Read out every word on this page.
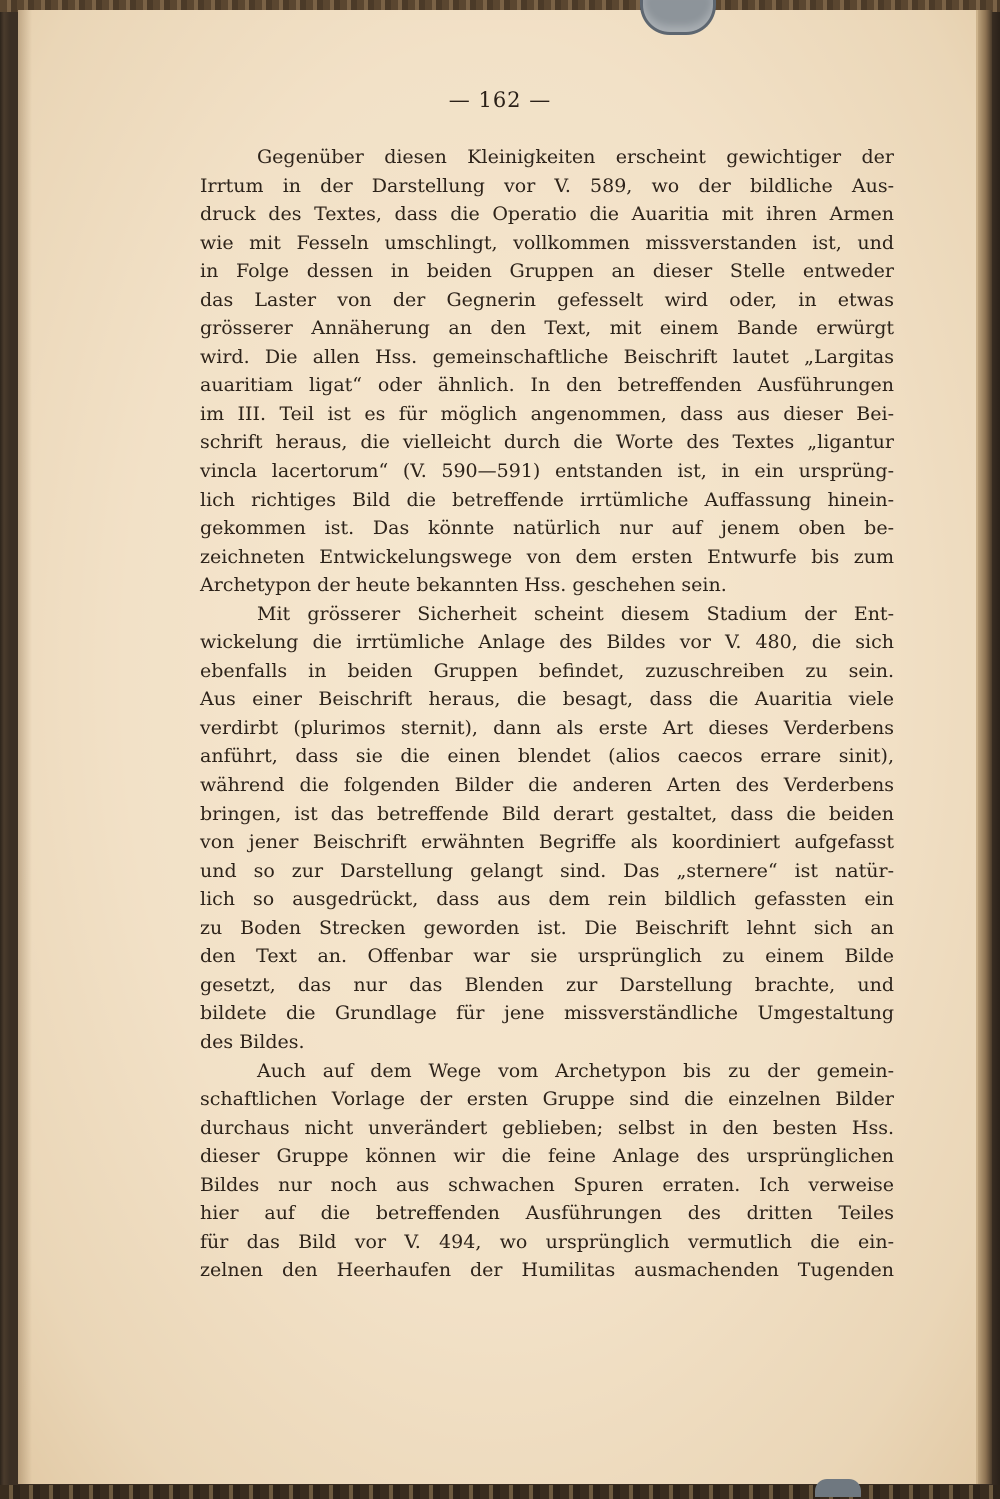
— 162 —
Gegenüber diesen Kleinigkeiten erscheint gewichtiger der
Irrtum in der Darstellung vor V. 589, wo der bildliche Aus-
druck des Textes, dass die Operatio die Auaritia mit ihren Armen
wie mit Fesseln umschlingt, vollkommen missverstanden ist, und
in Folge dessen in beiden Gruppen an dieser Stelle entweder
das Laster von der Gegnerin gefesselt wird oder, in etwas
grösserer Annäherung an den Text, mit einem Bande erwürgt
wird. Die allen Hss. gemeinschaftliche Beischrift lautet „Largitas
auaritiam ligat“ oder ähnlich. In den betreffenden Ausführungen
im III. Teil ist es für möglich angenommen, dass aus dieser Bei-
schrift heraus, die vielleicht durch die Worte des Textes „ligantur
vincla lacertorum“ (V. 590—591) entstanden ist, in ein ursprüng-
lich richtiges Bild die betreffende irrtümliche Auffassung hinein-
gekommen ist. Das könnte natürlich nur auf jenem oben be-
zeichneten Entwickelungswege von dem ersten Entwurfe bis zum
Archetypon der heute bekannten Hss. geschehen sein.
Mit grösserer Sicherheit scheint diesem Stadium der Ent-
wickelung die irrtümliche Anlage des Bildes vor V. 480, die sich
ebenfalls in beiden Gruppen befindet, zuzuschreiben zu sein.
Aus einer Beischrift heraus, die besagt, dass die Auaritia viele
verdirbt (plurimos sternit), dann als erste Art dieses Verderbens
anführt, dass sie die einen blendet (alios caecos errare sinit),
während die folgenden Bilder die anderen Arten des Verderbens
bringen, ist das betreffende Bild derart gestaltet, dass die beiden
von jener Beischrift erwähnten Begriffe als koordiniert aufgefasst
und so zur Darstellung gelangt sind. Das „sternere“ ist natür-
lich so ausgedrückt, dass aus dem rein bildlich gefassten ein
zu Boden Strecken geworden ist. Die Beischrift lehnt sich an
den Text an. Offenbar war sie ursprünglich zu einem Bilde
gesetzt, das nur das Blenden zur Darstellung brachte, und
bildete die Grundlage für jene missverständliche Umgestaltung
des Bildes.
Auch auf dem Wege vom Archetypon bis zu der gemein-
schaftlichen Vorlage der ersten Gruppe sind die einzelnen Bilder
durchaus nicht unverändert geblieben; selbst in den besten Hss.
dieser Gruppe können wir die feine Anlage des ursprünglichen
Bildes nur noch aus schwachen Spuren erraten. Ich verweise
hier auf die betreffenden Ausführungen des dritten Teiles
für das Bild vor V. 494, wo ursprünglich vermutlich die ein-
zelnen den Heerhaufen der Humilitas ausmachenden Tugenden
